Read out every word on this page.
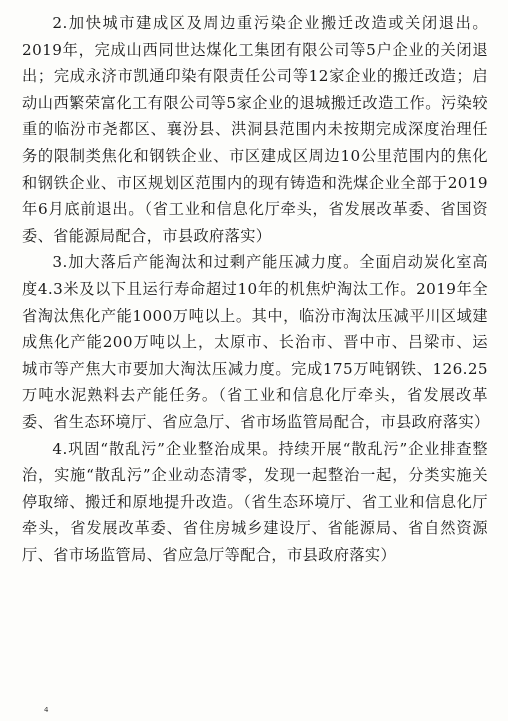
2.加快城市建成区及周边重污染企业搬迁改造或关闭退出。2019年，完成山西同世达煤化工集团有限公司等5户企业的关闭退出；完成永济市凯通印染有限责任公司等12家企业的搬迁改造；启动山西繁荣富化工有限公司等5家企业的退城搬迁改造工作。污染较重的临汾市尧都区、襄汾县、洪洞县范围内未按期完成深度治理任务的限制类焦化和钢铁企业、市区建成区周边10公里范围内的焦化和钢铁企业、市区规划区范围内的现有铸造和洗煤企业全部于2019年6月底前退出。（省工业和信息化厅牵头，省发展改革委、省国资委、省能源局配合，市县政府落实）

3.加大落后产能淘汰和过剩产能压减力度。全面启动炭化室高度4.3米及以下且运行寿命超过10年的机焦炉淘汰工作。2019年全省淘汰焦化产能1000万吨以上。其中，临汾市淘汰压减平川区域建成焦化产能200万吨以上，太原市、长治市、晋中市、吕梁市、运城市等产焦大市要加大淘汰压减力度。完成175万吨钢铁、126.25万吨水泥熟料去产能任务。（省工业和信息化厅牵头，省发展改革委、省生态环境厅、省应急厅、省市场监管局配合，市县政府落实）

4.巩固“散乱污”企业整治成果。持续开展“散乱污”企业排查整治，实施“散乱污”企业动态清零，发现一起整治一起，分类实施关停取缔、搬迁和原地提升改造。（省生态环境厅、省工业和信息化厅牵头，省发展改革委、省住房城乡建设厅、省能源局、省自然资源厅、省市场监管局、省应急厅等配合，市县政府落实）

4
